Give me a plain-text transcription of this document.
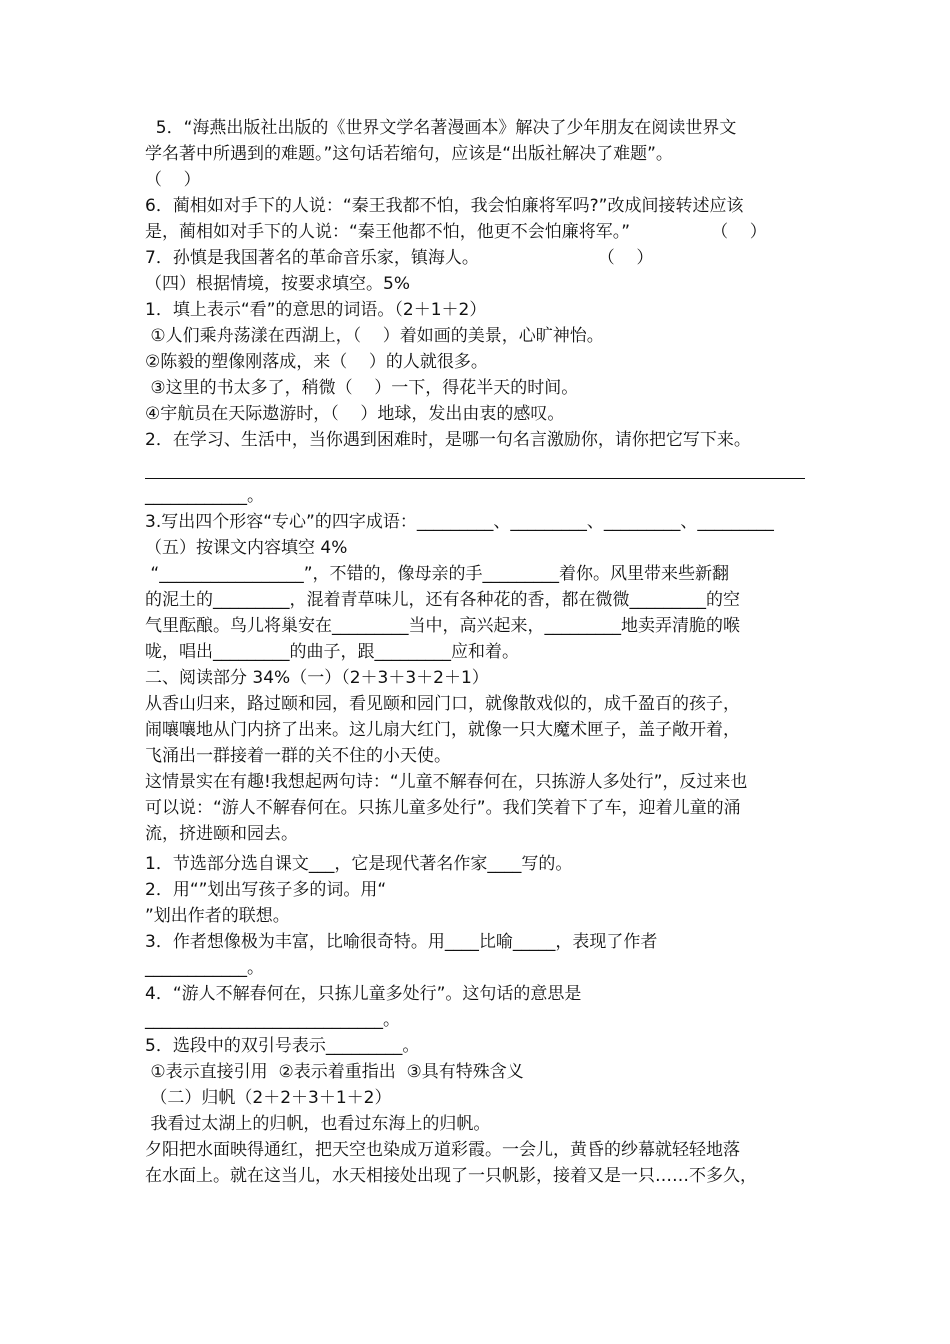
5．“海燕出版社出版的《世界文学名著漫画本》解决了少年朋友在阅读世界文
学名著中所遇到的难题。”这句话若缩句，应该是“出版社解决了难题”。
（    ）
6．蔺相如对手下的人说：“秦王我都不怕，我会怕廉将军吗?”改成间接转述应该
是，蔺相如对手下的人说：“秦王他都不怕，他更不会怕廉将军。”               （    ）
7．孙慎是我国著名的革命音乐家，镇海人。                      （    ）
（四）根据情境，按要求填空。5%
1．填上表示“看”的意思的词语。（2＋1＋2）
①人们乘舟荡漾在西湖上，（    ）着如画的美景，心旷神怡。
②陈毅的塑像刚落成，来（    ）的人就很多。
③这里的书太多了，稍微（    ）一下，得花半天的时间。
④宇航员在天际遨游时，（    ）地球，发出由衷的感叹。
2．在学习、生活中，当你遇到困难时，是哪一句名言激励你，请你把它写下来。
____________。
3.写出四个形容“专心”的四字成语：_________、_________、_________、_________
（五）按课文内容填空 4%
“_________________”，不错的，像母亲的手_________着你。风里带来些新翻
的泥土的_________，混着青草味儿，还有各种花的香，都在微微_________的空
气里酝酿。鸟儿将巢安在_________当中，高兴起来，_________地卖弄清脆的喉
咙，唱出_________的曲子，跟_________应和着。
二、阅读部分 34%（一）（2＋3＋3＋2＋1）
从香山归来，路过颐和园，看见颐和园门口，就像散戏似的，成千盈百的孩子，
闹嚷嚷地从门内挤了出来。这儿扇大红门，就像一只大魔术匣子，盖子敞开着，
飞涌出一群接着一群的关不住的小天使。
这情景实在有趣!我想起两句诗：“儿童不解春何在，只拣游人多处行”，反过来也
可以说：“游人不解春何在。只拣儿童多处行”。我们笑着下了车，迎着儿童的涌
流，挤进颐和园去。
1．节选部分选自课文___，它是现代著名作家____写的。
2．用“”划出写孩子多的词。用“
”划出作者的联想。
3．作者想像极为丰富，比喻很奇特。用____比喻_____，表现了作者
____________。
4．“游人不解春何在，只拣儿童多处行”。这句话的意思是
____________________________。
5．选段中的双引号表示_________。
①表示直接引用  ②表示着重指出  ③具有特殊含义
（二）归帆（2＋2＋3＋1＋2）
我看过太湖上的归帆，也看过东海上的归帆。
夕阳把水面映得通红，把天空也染成万道彩霞。一会儿，黄昏的纱幕就轻轻地落
在水面上。就在这当儿，水天相接处出现了一只帆影，接着又是一只……不多久，
